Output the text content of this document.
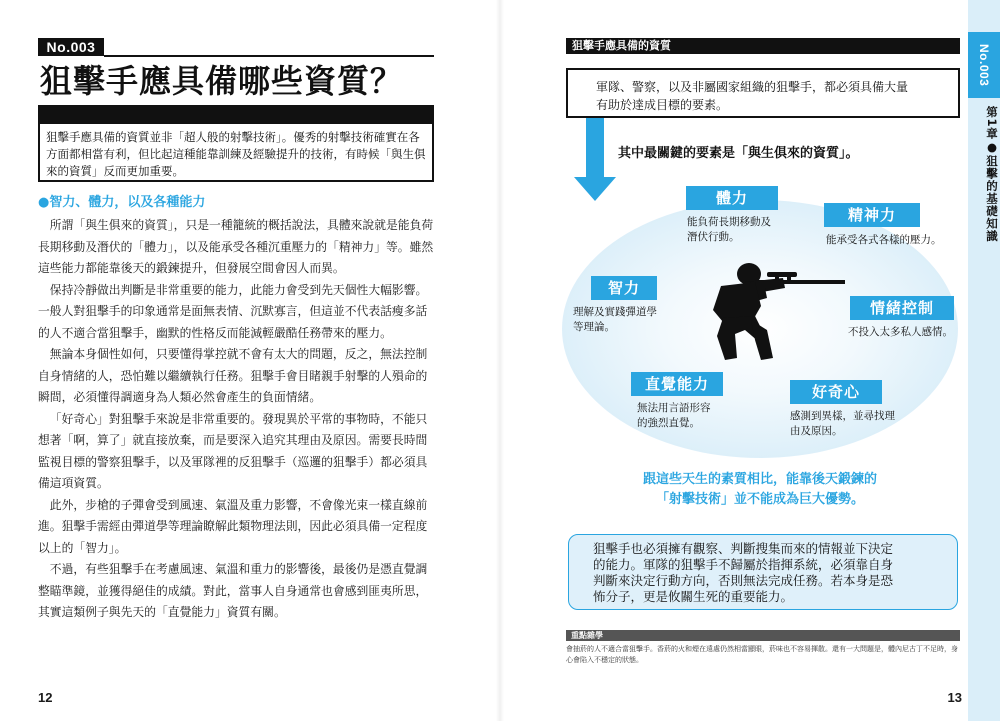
No.003
狙擊手應具備哪些資質？
狙擊手應具備的資質並非「超人般的射擊技術」。優秀的射擊技術確實在各方面都相當有利，但比起這種能靠訓練及經驗提升的技術，有時候「與生俱來的資質」反而更加重要。
●智力、體力，以及各種能力

所謂「與生俱來的資質」，只是一種籠統的概括說法，具體來說就是能負荷長期移動及潛伏的「體力」，以及能承受各種沉重壓力的「精神力」等。雖然這些能力都能靠後天的鍛鍊提升，但發展空間會因人而異。

保持冷靜做出判斷是非常重要的能力，此能力會受到先天個性大幅影響。一般人對狙擊手的印象通常是面無表情、沉默寡言，但這並不代表話瘦多話的人不適合當狙擊手，幽默的性格反而能減輕嚴酷任務帶來的壓力。

無論本身個性如何，只要懂得掌控就不會有太大的問題，反之，無法控制自身情緒的人，恐怕難以繼續執行任務。狙擊手會目睹親手射擊的人殞命的瞬間，必須懂得調適身為人類必然會產生的負面情緒。

「好奇心」對狙擊手來說是非常重要的。發現異於平常的事物時，不能只想著「啊，算了」就直接放棄，而是要深入追究其理由及原因。需要長時間監視目標的警察狙擊手，以及軍隊裡的反狙擊手（巡邏的狙擊手）都必須具備這項資質。

此外，步槍的子彈會受到風速、氣溫及重力影響，不會像光束一樣直線前進。狙擊手需經由彈道學等理論瞭解此類物理法則，因此必須具備一定程度以上的「智力」。

不過，有些狙擊手在考慮風速、氣溫和重力的影響後，最後仍是憑直覺調整瞄準鏡，並獲得絕佳的成績。對此，當事人自身通常也會感到匪夷所思，其實這類例子與先天的「直覺能力」資質有關。

12
狙擊手應具備的資質
軍隊、警察，以及非屬國家組織的狙擊手，都必須具備大量
有助於達成目標的要素。
其中最關鍵的要素是「與生俱來的資質」。
體力
能負荷長期移動及
潛伏行動。
精神力
能承受各式各樣的壓力。
智力
理解及實踐彈道學
等理論。
情緒控制
不投入太多私人感情。
直覺能力
無法用言語形容
的強烈直覺。
好奇心
感測到異樣，並尋找理
由及原因。
跟這些天生的素質相比，能靠後天鍛鍊的
「射擊技術」並不能成為巨大優勢。
狙擊手也必須擁有觀察、判斷搜集而來的情報並下決定
的能力。軍隊的狙擊手不歸屬於指揮系統，必須靠自身
判斷來決定行動方向，否則無法完成任務。若本身是恐
怖分子，更是攸關生死的重要能力。
重點雜學
會抽菸的人不適合當狙擊手。香菸的火和煙在遠處仍然相當顯眼，菸味也不容易揮散。還有一大問題是，體內尼古丁不足時，身心會陷入不穩定的狀態。
13
No.003
第1章●狙擊的基礎知識
